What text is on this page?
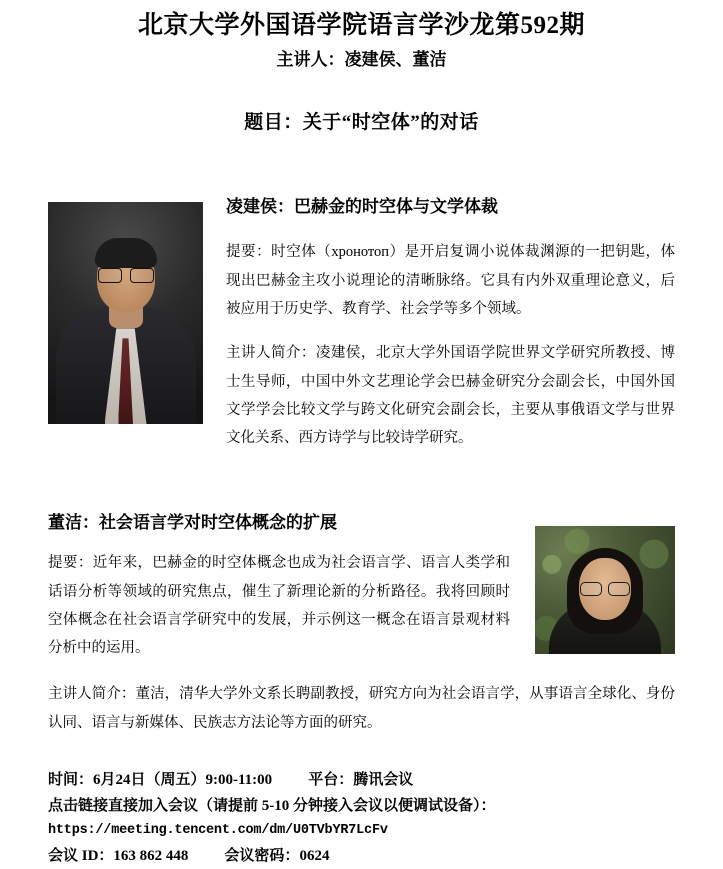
北京大学外国语学院语言学沙龙第592期
主讲人：凌建侯、董洁
题目：关于“时空体”的对话
凌建侯：巴赫金的时空体与文学体裁

提要：时空体（хронотоп）是开启复调小说体裁渊源的一把钥匙，体现出巴赫金主攻小说理论的清晰脉络。它具有内外双重理论意义，后被应用于历史学、教育学、社会学等多个领域。

主讲人简介：凌建侯，北京大学外国语学院世界文学研究所教授、博士生导师，中国中外文艺理论学会巴赫金研究分会副会长，中国外国文学学会比较文学与跨文化研究会副会长，主要从事俄语文学与世界文化关系、西方诗学与比较诗学研究。

董洁：社会语言学对时空体概念的扩展

提要：近年来，巴赫金的时空体概念也成为社会语言学、语言人类学和话语分析等领域的研究焦点，催生了新理论新的分析路径。我将回顾时空体概念在社会语言学研究中的发展，并示例这一概念在语言景观材料分析中的运用。

主讲人简介：董洁，清华大学外文系长聘副教授，研究方向为社会语言学，从事语言全球化、身份认同、语言与新媒体、民族志方法论等方面的研究。

时间：6月24日（周五）9:00-11:00 平台：腾讯会议
点击链接直接加入会议（请提前 5-10 分钟接入会议以便调试设备）：
https://meeting.tencent.com/dm/U0TVbYR7LcFv
会议 ID：163 862 448 会议密码：0624
